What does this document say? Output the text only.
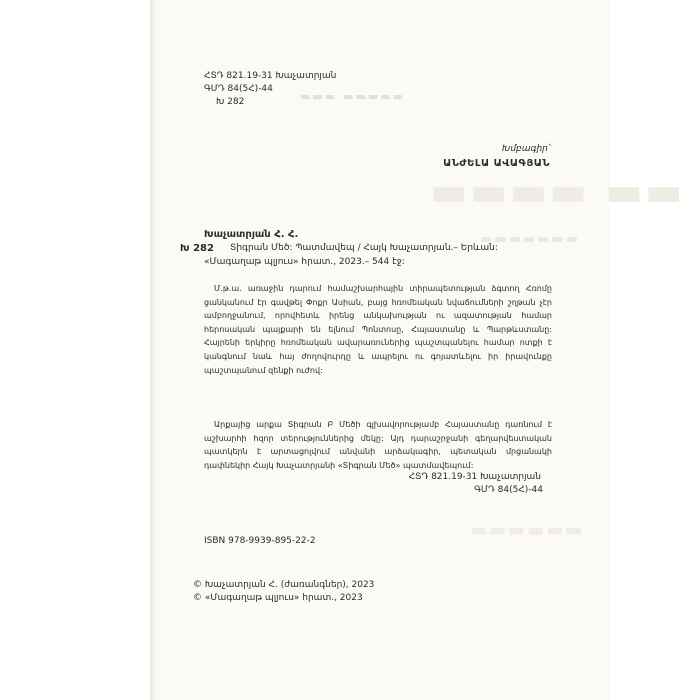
▬▬▬ ▬▬▬▬▬
▬▬▬▬ ▬▬
▬▬▬▬▬▬▬
▬▬▬▬▬▬
ՀՏԴ 821.19-31 Խաչատրյան
ԳՄԴ 84(5Հ)-44
Խ 282
Խմբագիր՝
ԱՆԺԵԼԱ ԱՎԱԳՅԱՆ
Խաչատրյան Հ. Հ.
Խ 282 Տիգրան Մեծ: Պատմավեպ / Հայկ Խաչատրյան.– Երևան:
«Մագաղաթ պլյուս» հրատ., 2023.– 544 էջ:

Մ.թ.ա. առաջին դարում համաշխարհային տիրապետության ձգտող Հռոմը ցանկանում էր գավթել Փոքր Ասիան, բայց հռոմեական նվաճումների շղթան չէր ամբողջանում, որովհետև իրենց անկախության ու ազատության համար հերոսական պայքարի են ելնում Պոնտոսը, Հայաստանը և Պարթևստանը: Հայրենի երկիրը հռոմեական ավարառուներից պաշտպանելու համար ոտքի է կանգնում նաև հայ ժողովուրդը և ապրելու ու գոյատևելու իր իրավունքը պաշտպանում զենքի ուժով:

Արքայից արքա Տիգրան Բ Մեծի գլխավորությամբ Հայաստանը դառնում է աշխարհի հզոր տերություններից մեկը: Այդ դարաշրջանի գեղարվեստական պատկերն է արտացոլվում անվանի արձակագիր, պետական մրցանակի դափնեկիր Հայկ Խաչատրյանի «Տիգրան Մեծ» պատմավեպում:

ՀՏԴ 821.19-31 Խաչատրյան
ԳՄԴ 84(5Հ)-44
ISBN 978-9939-895-22-2
© Խաչատրյան Հ. (ժառանգներ), 2023
© «Մագաղաթ պլյուս» հրատ., 2023
